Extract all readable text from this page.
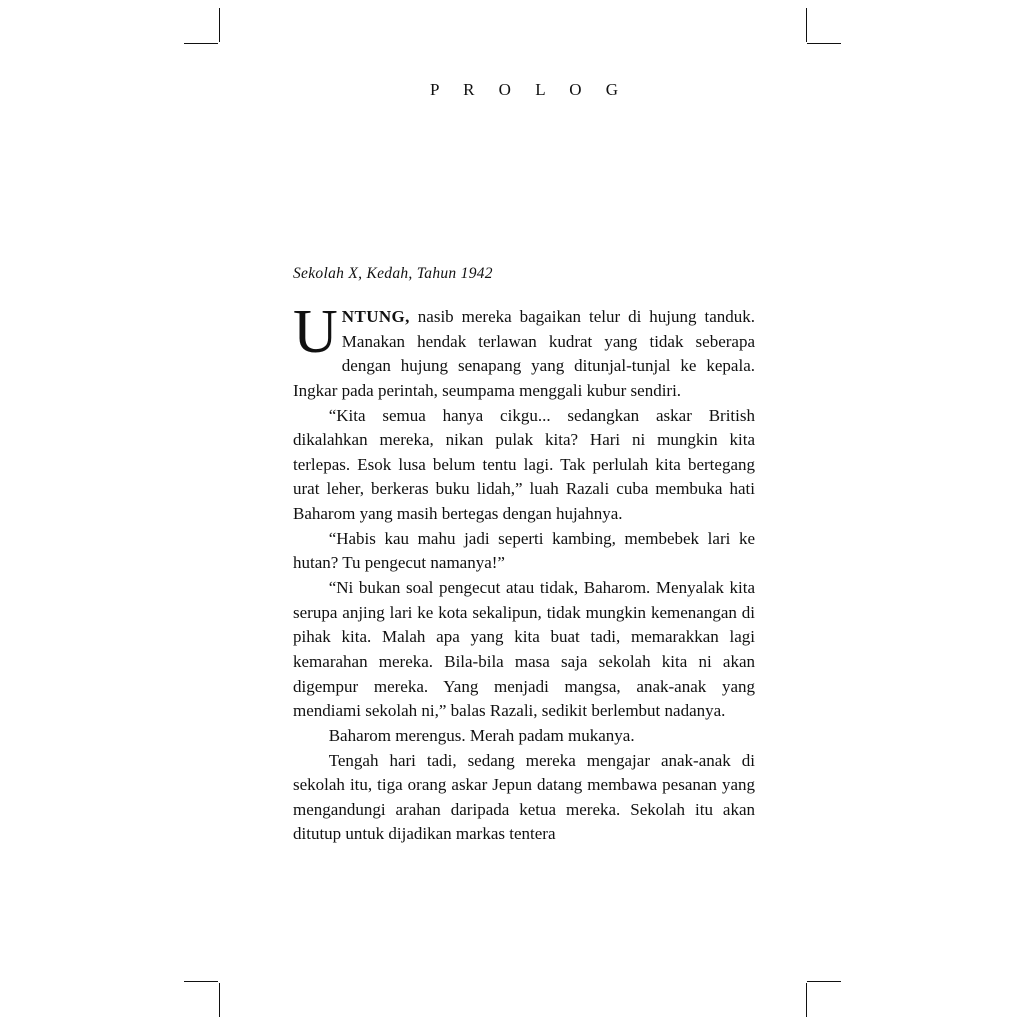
P R O L O G

Sekolah X, Kedah, Tahun 1942

UNTUNG, nasib mereka bagaikan telur di hujung tanduk. Manakan hendak terlawan kudrat yang tidak seberapa dengan hujung senapang yang ditunjal-tunjal ke kepala. Ingkar pada perintah, seumpama menggali kubur sendiri.

“Kita semua hanya cikgu... sedangkan askar British dikalahkan mereka, nikan pulak kita? Hari ni mungkin kita terlepas. Esok lusa belum tentu lagi. Tak perlulah kita bertegang urat leher, berkeras buku lidah,” luah Razali cuba membuka hati Baharom yang masih bertegas dengan hujahnya.

“Habis kau mahu jadi seperti kambing, membebek lari ke hutan? Tu pengecut namanya!”

“Ni bukan soal pengecut atau tidak, Baharom. Menyalak kita serupa anjing lari ke kota sekalipun, tidak mungkin kemenangan di pihak kita. Malah apa yang kita buat tadi, memarakkan lagi kemarahan mereka. Bila-bila masa saja sekolah kita ni akan digempur mereka. Yang menjadi mangsa, anak-anak yang mendiami sekolah ni,” balas Razali, sedikit berlembut nadanya.

Baharom merengus. Merah padam mukanya.

Tengah hari tadi, sedang mereka mengajar anak-anak di sekolah itu, tiga orang askar Jepun datang membawa pesanan yang mengandungi arahan daripada ketua mereka. Sekolah itu akan ditutup untuk dijadikan markas tentera
